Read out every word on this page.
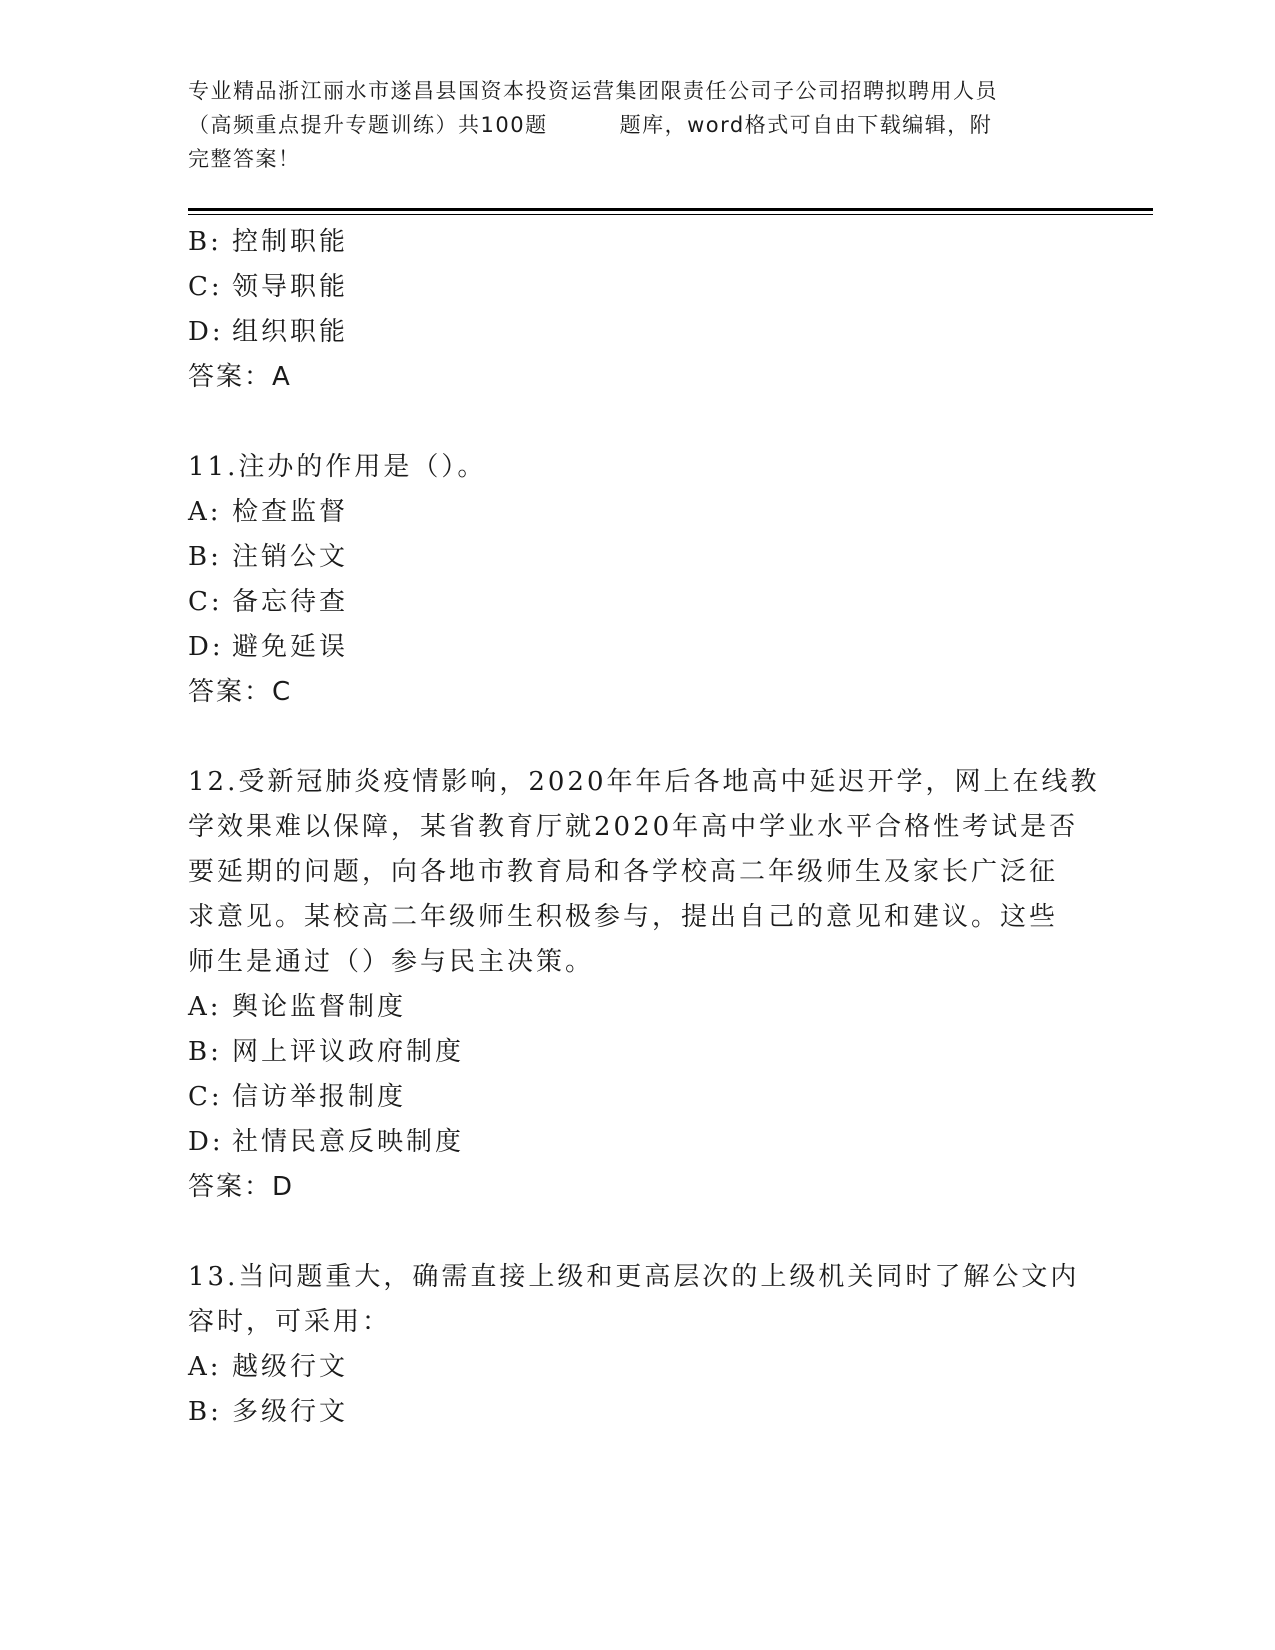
专业精品浙江丽水市遂昌县国资本投资运营集团限责任公司子公司招聘拟聘用人员
（高频重点提升专题训练）共100题	题库，word格式可自由下载编辑，附
完整答案！
B: 控制职能
C: 领导职能
D: 组织职能
答案：A
11.注办的作用是（）。
A: 检查监督
B: 注销公文
C: 备忘待查
D: 避免延误
答案：C
12.受新冠肺炎疫情影响，2020年年后各地高中延迟开学，网上在线教
学效果难以保障，某省教育厅就2020年高中学业水平合格性考试是否
要延期的问题，向各地市教育局和各学校高二年级师生及家长广泛征
求意见。某校高二年级师生积极参与，提出自己的意见和建议。这些
师生是通过（）参与民主决策。
A: 舆论监督制度
B: 网上评议政府制度
C: 信访举报制度
D: 社情民意反映制度
答案：D
13.当问题重大，确需直接上级和更高层次的上级机关同时了解公文内
容时，可采用：
A: 越级行文
B: 多级行文
